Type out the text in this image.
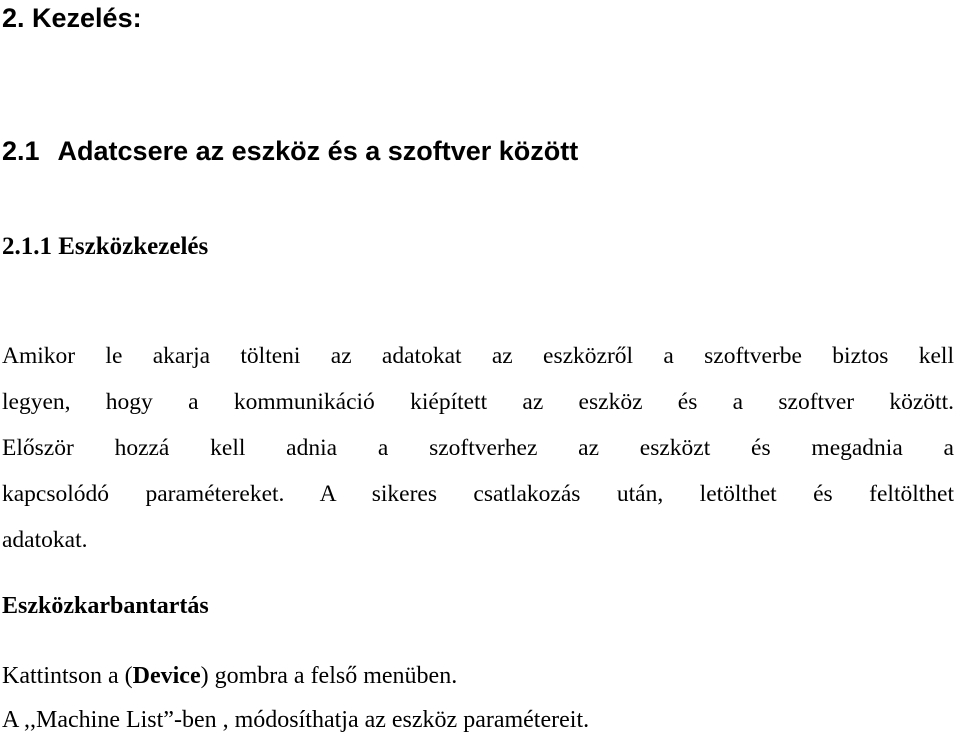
2. Kezelés:
2.1 Adatcsere az eszköz és a szoftver között
2.1.1 Eszközkezelés
Amikor le akarja tölteni az adatokat az eszközről a szoftverbe biztos kell
legyen, hogy a kommunikáció kiépített az eszköz és a szoftver között.
Először hozzá kell adnia a szoftverhez az eszközt és megadnia a
kapcsolódó paramétereket. A sikeres csatlakozás után, letölthet és feltölthet
adatokat.
Eszközkarbantartás
Kattintson a (Device) gombra a felső menüben.
A ,,Machine List”-ben , módosíthatja az eszköz paramétereit.
